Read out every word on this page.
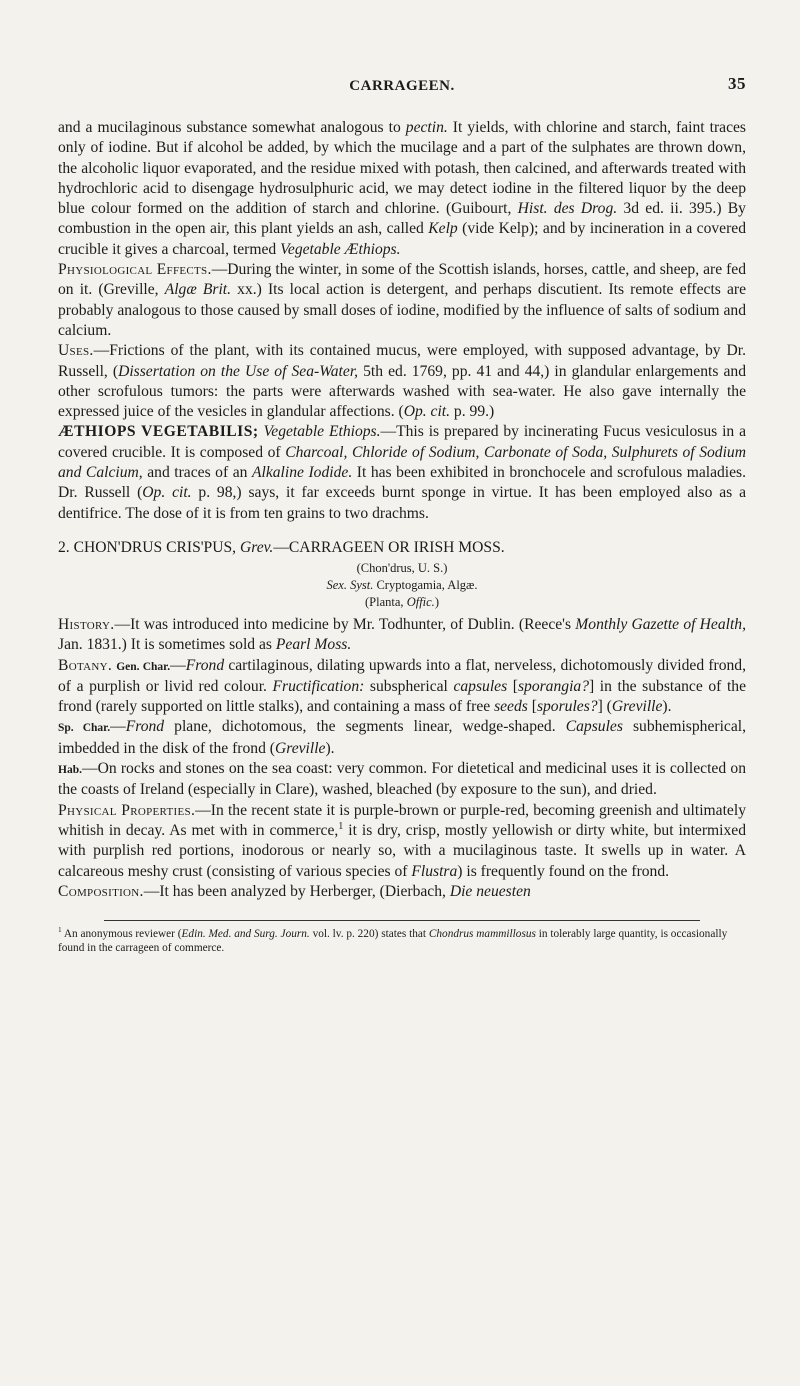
CARRAGEEN.	35

and a mucilaginous substance somewhat analogous to pectin. It yields, with chlorine and starch, faint traces only of iodine. But if alcohol be added, by which the mucilage and a part of the sulphates are thrown down, the alcoholic liquor evaporated, and the residue mixed with potash, then calcined, and afterwards treated with hydrochloric acid to disengage hydrosulphuric acid, we may detect iodine in the filtered liquor by the deep blue colour formed on the addition of starch and chlorine. (Guibourt, Hist. des Drog. 3d ed. ii. 395.) By combustion in the open air, this plant yields an ash, called Kelp (vide Kelp); and by incineration in a covered crucible it gives a charcoal, termed Vegetable Æthiops.

Physiological Effects.—During the winter, in some of the Scottish islands, horses, cattle, and sheep, are fed on it. (Greville, Algæ Brit. xx.) Its local action is detergent, and perhaps discutient. Its remote effects are probably analogous to those caused by small doses of iodine, modified by the influence of salts of sodium and calcium.

Uses.—Frictions of the plant, with its contained mucus, were employed, with supposed advantage, by Dr. Russell, (Dissertation on the Use of Sea-Water, 5th ed. 1769, pp. 41 and 44,) in glandular enlargements and other scrofulous tumors: the parts were afterwards washed with sea-water. He also gave internally the expressed juice of the vesicles in glandular affections. (Op. cit. p. 99.)

ÆTHIOPS VEGETABILIS; Vegetable Ethiops.—This is prepared by incinerating Fucus vesiculosus in a covered crucible. It is composed of Charcoal, Chloride of Sodium, Carbonate of Soda, Sulphurets of Sodium and Calcium, and traces of an Alkaline Iodide. It has been exhibited in bronchocele and scrofulous maladies. Dr. Russell (Op. cit. p. 98,) says, it far exceeds burnt sponge in virtue. It has been employed also as a dentifrice. The dose of it is from ten grains to two drachms.

2. CHON'DRUS CRIS'PUS, Grev.—CARRAGEEN OR IRISH MOSS.

(Chon'drus, U. S.)

Sex. Syst. Cryptogamia, Algæ.

(Planta, Offic.)

History.—It was introduced into medicine by Mr. Todhunter, of Dublin. (Reece's Monthly Gazette of Health, Jan. 1831.) It is sometimes sold as Pearl Moss.

Botany. Gen. Char.—Frond cartilaginous, dilating upwards into a flat, nerveless, dichotomously divided frond, of a purplish or livid red colour. Fructification: subspherical capsules [sporangia?] in the substance of the frond (rarely supported on little stalks), and containing a mass of free seeds [sporules?] (Greville).

Sp. Char.—Frond plane, dichotomous, the segments linear, wedge-shaped. Capsules subhemispherical, imbedded in the disk of the frond (Greville).

Hab.—On rocks and stones on the sea coast: very common. For dietetical and medicinal uses it is collected on the coasts of Ireland (especially in Clare), washed, bleached (by exposure to the sun), and dried.

Physical Properties.—In the recent state it is purple-brown or purple-red, becoming greenish and ultimately whitish in decay. As met with in commerce,$^1$ it is dry, crisp, mostly yellowish or dirty white, but intermixed with purplish red portions, inodorous or nearly so, with a mucilaginous taste. It swells up in water. A calcareous meshy crust (consisting of various species of Flustra) is frequently found on the frond.

Composition.—It has been analyzed by Herberger, (Dierbach, Die neuesten

$^1$ An anonymous reviewer (Edin. Med. and Surg. Journ. vol. lv. p. 220) states that Chondrus mammillosus in tolerably large quantity, is occasionally found in the carrageen of commerce.
